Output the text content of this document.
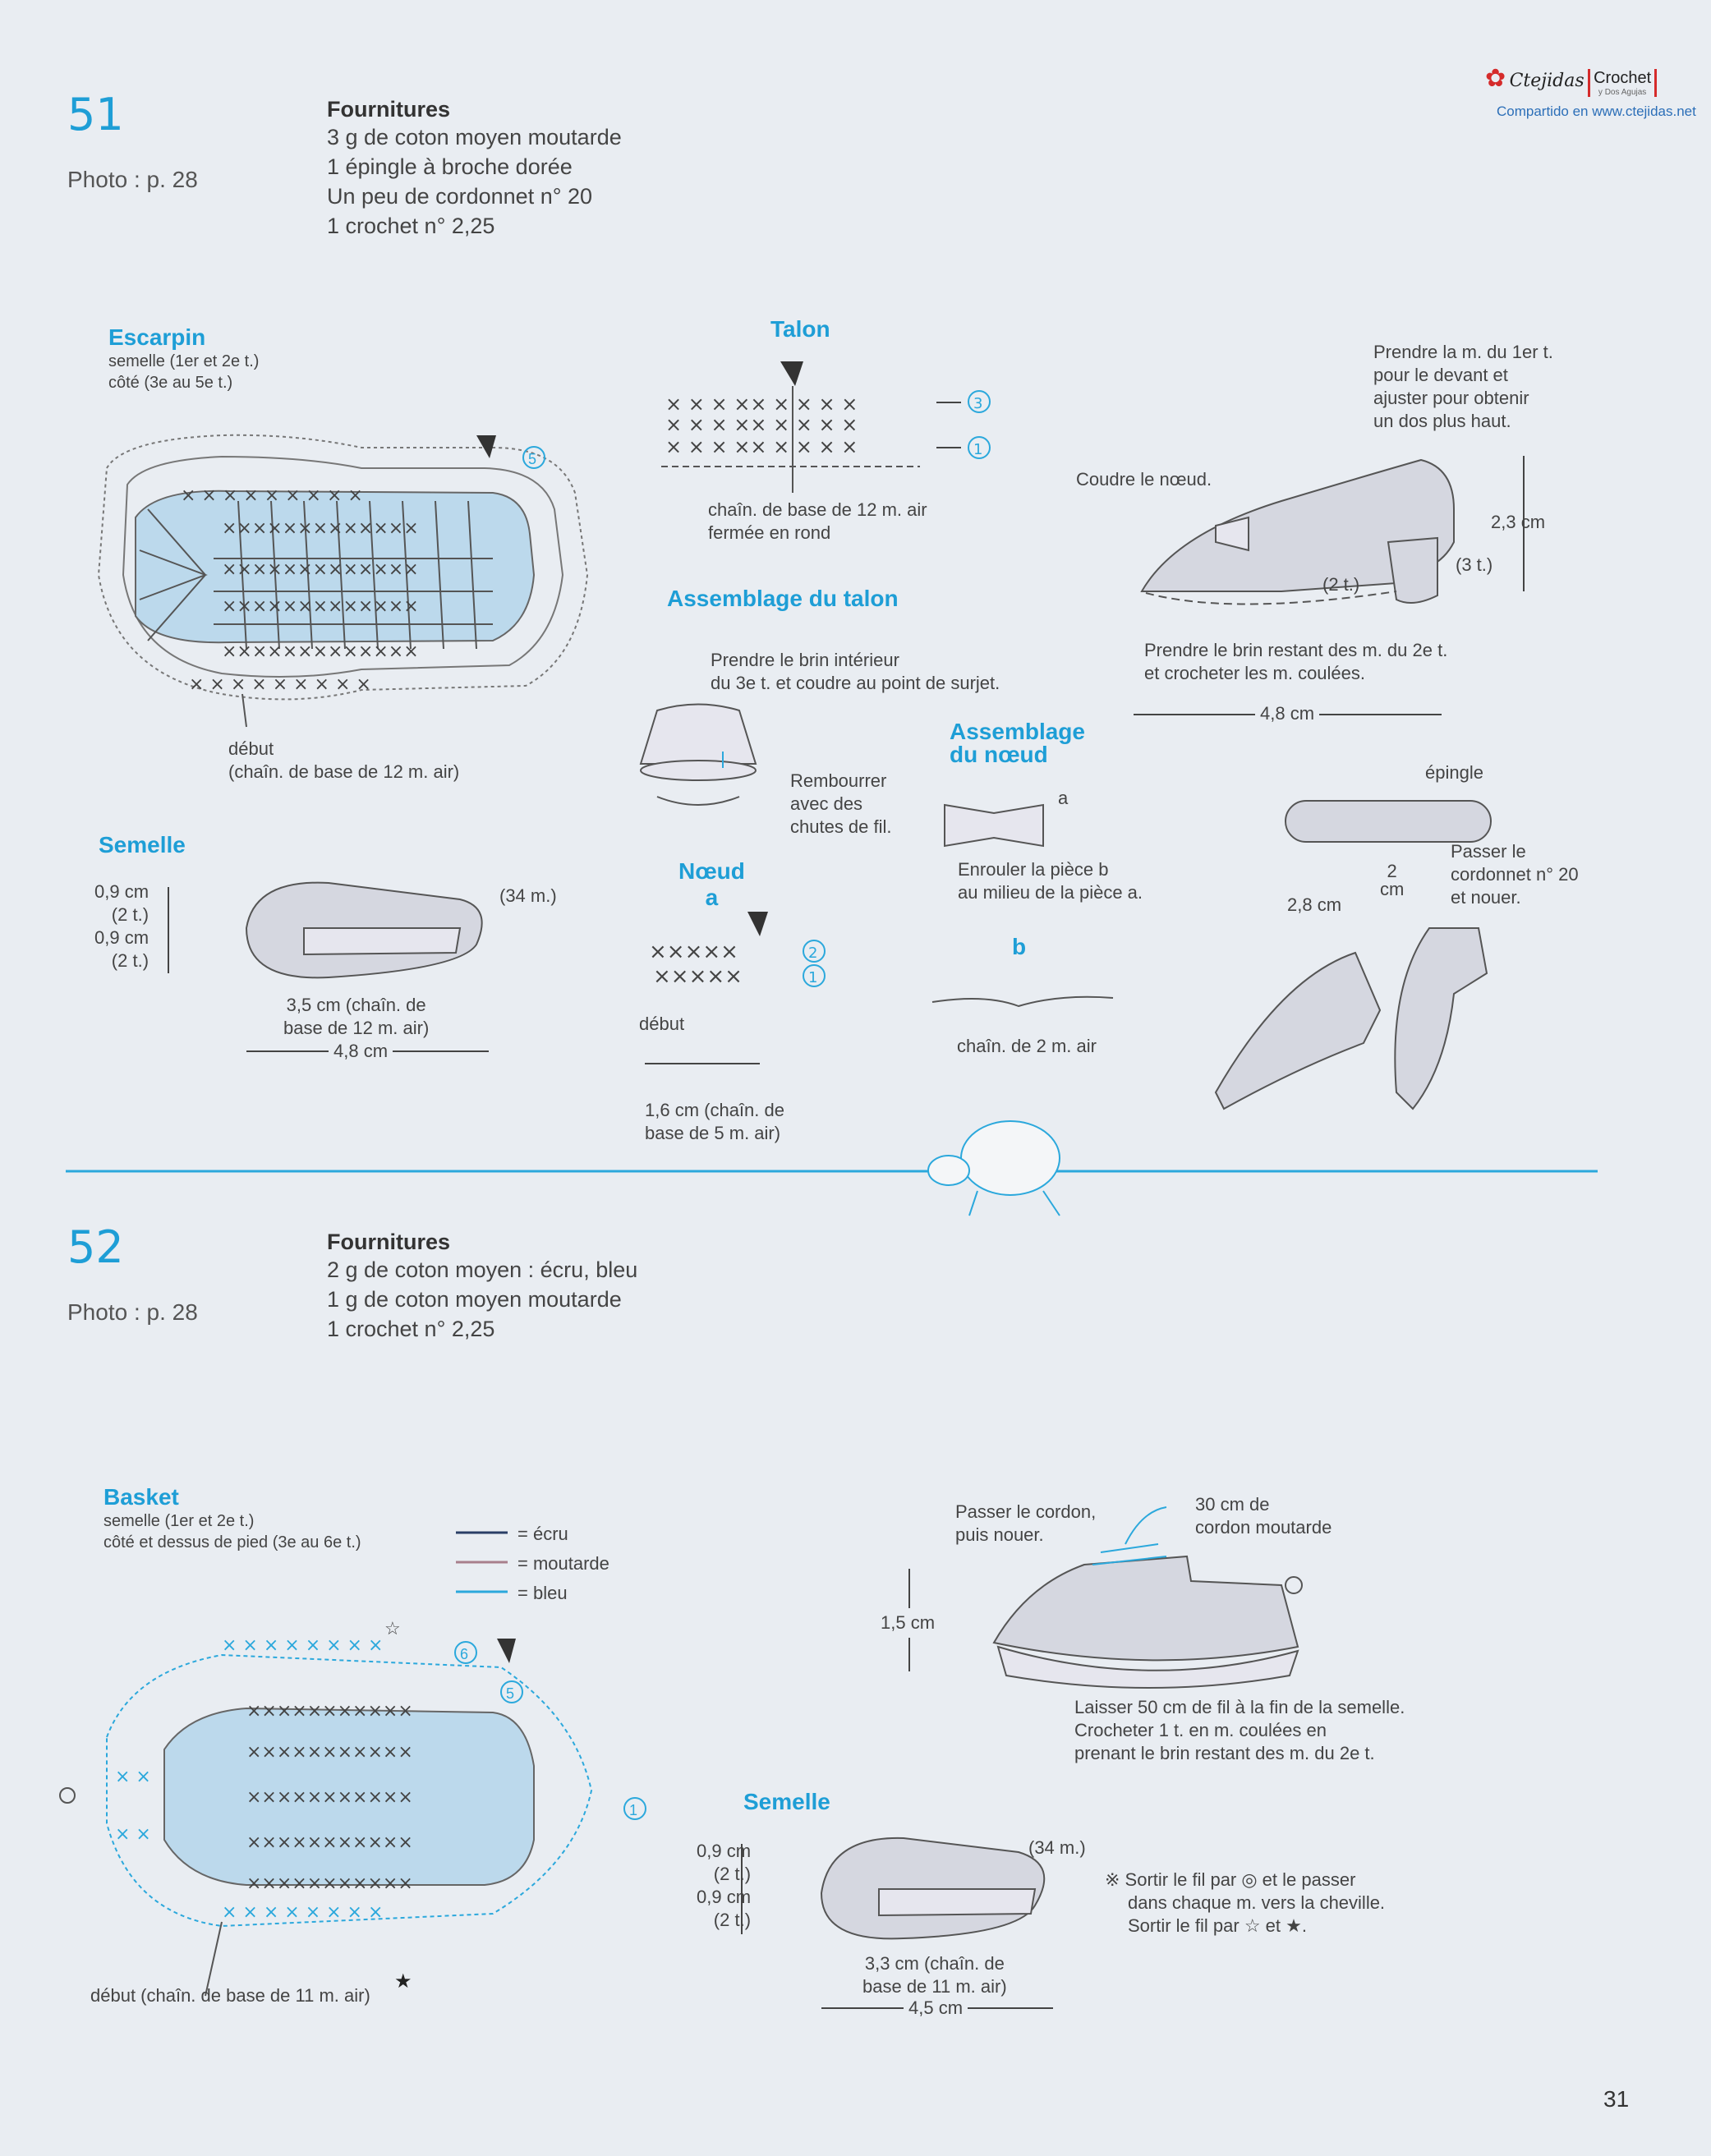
×××××××××××××
×××××××××××××
×××××××××××××
×××××××××××××
× × × × × × × × ×
× × × × × × × × ×
5
× × × ×× × × × ×
× × × ×× × × × ×
× × × ×× × × × ×
3
1
×××××
×××××
2
1
×××××××××××
×××××××××××
×××××××××××
×××××××××××
×××××××××××
× × × × × × × ×
× × × × × × × ×
× ×
× ×
6
5
1
☆
★
✿ Ctejidas Crochet
y Dos Agujas
Compartido en www.ctejidas.net
51
Photo : p. 28
Fournitures
3 g de coton moyen moutarde
1 épingle à broche dorée
Un peu de cordonnet n° 20
1 crochet n° 2,25
Escarpin
semelle (1er et 2e t.)
côté (3e au 5e t.)
début
(chaîn. de base de 12 m. air)
Talon
chaîn. de base de 12 m. air
fermée en rond
Assemblage du talon
Prendre le brin intérieur
du 3e t. et coudre au point de surjet.
Rembourrer
avec des
chutes de fil.
Prendre la m. du 1er t.
pour le devant et
ajuster pour obtenir
un dos plus haut.
Coudre le nœud.
2,3 cm
(3 t.)
(2 t.)
Prendre le brin restant des m. du 2e t.
et crocheter les m. coulées.
4,8 cm
Semelle
0,9 cm
(2 t.)
0,9 cm
(2 t.)
(34 m.)
3,5 cm (chaîn. de
base de 12 m. air)
4,8 cm
Nœud
a
début
1,6 cm (chaîn. de
base de 5 m. air)
Assemblage
du nœud
a
Enrouler la pièce b
au milieu de la pièce a.
b
chaîn. de 2 m. air
épingle
Passer le
cordonnet n° 20
et nouer.
2,8 cm
2
cm
52
Photo : p. 28
Fournitures
2 g de coton moyen : écru, bleu
1 g de coton moyen moutarde
1 crochet n° 2,25
Basket
semelle (1er et 2e t.)
côté et dessus de pied (3e au 6e t.)	= écru
= moutarde
= bleu
début (chaîn. de base de 11 m. air)
Passer le cordon,
puis nouer.
30 cm de
cordon moutarde
1,5 cm
Laisser 50 cm de fil à la fin de la semelle.
Crocheter 1 t. en m. coulées en
prenant le brin restant des m. du 2e t.
Semelle
0,9 cm
(2 t.)
0,9 cm
(2 t.)
(34 m.)
3,3 cm (chaîn. de
base de 11 m. air)
4,5 cm
※ Sortir le fil par ◎ et le passer
dans chaque m. vers la cheville.
Sortir le fil par ☆ et ★.
31
